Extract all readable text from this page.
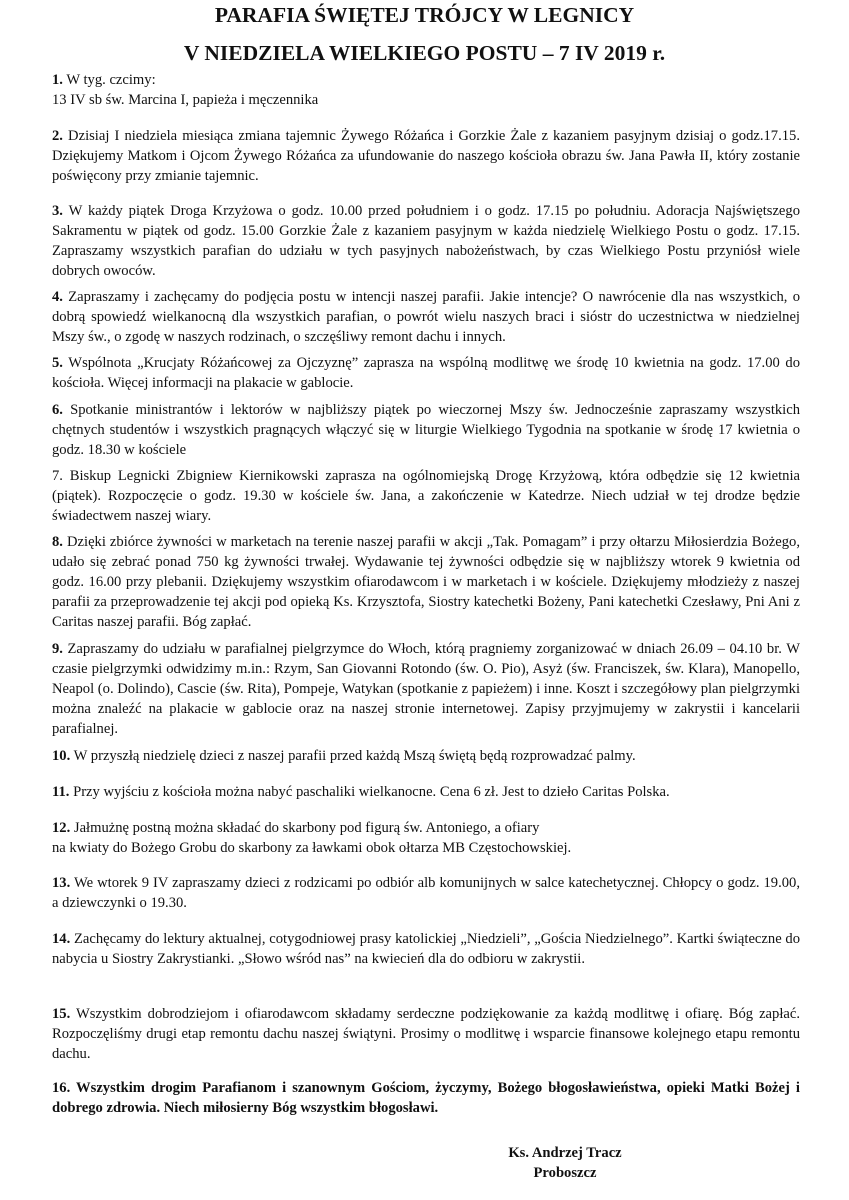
PARAFIA ŚWIĘTEJ TRÓJCY W LEGNICY
V NIEDZIELA WIELKIEGO POSTU – 7 IV 2019 r.
1. W tyg. czcimy:
13 IV sb św. Marcina I, papieża i męczennika
2. Dzisiaj I niedziela miesiąca zmiana tajemnic Żywego Różańca i Gorzkie Żale z kazaniem pasyjnym dzisiaj o godz.17.15. Dziękujemy Matkom i Ojcom Żywego Różańca za ufundowanie do naszego kościoła obrazu św. Jana Pawła II, który zostanie poświęcony przy zmianie tajemnic.
3. W każdy piątek Droga Krzyżowa o godz. 10.00 przed południem i o godz. 17.15 po południu. Adoracja Najświętszego Sakramentu w piątek od godz. 15.00 Gorzkie Żale z kazaniem pasyjnym w każda niedzielę Wielkiego Postu o godz. 17.15. Zapraszamy wszystkich parafian do udziału w tych pasyjnych nabożeństwach, by czas Wielkiego Postu przyniósł wiele dobrych owoców.
4. Zapraszamy i zachęcamy do podjęcia postu w intencji naszej parafii. Jakie intencje? O nawrócenie dla nas wszystkich, o dobrą spowiedź wielkanocną dla wszystkich parafian, o powrót wielu naszych braci i sióstr do uczestnictwa w niedzielnej Mszy św., o zgodę w naszych rodzinach, o szczęśliwy remont dachu i innych.
5. Wspólnota „Krucjaty Różańcowej za Ojczyznę” zaprasza na wspólną modlitwę we środę 10 kwietnia na godz. 17.00 do kościoła. Więcej informacji na plakacie w gablocie.
6. Spotkanie ministrantów i lektorów w najbliższy piątek po wieczornej Mszy św. Jednocześnie zapraszamy wszystkich chętnych studentów i wszystkich pragnących włączyć się w liturgie Wielkiego Tygodnia na spotkanie w środę 17 kwietnia o godz. 18.30 w kościele
7. Biskup Legnicki Zbigniew Kiernikowski zaprasza na ogólnomiejską Drogę Krzyżową, która odbędzie się 12 kwietnia (piątek). Rozpoczęcie o godz. 19.30 w kościele św. Jana, a zakończenie w Katedrze. Niech udział w tej drodze będzie świadectwem naszej wiary.
8. Dzięki zbiórce żywności w marketach na terenie naszej parafii w akcji „Tak. Pomagam” i przy ołtarzu Miłosierdzia Bożego, udało się zebrać ponad 750 kg żywności trwałej. Wydawanie tej żywności odbędzie się w najbliższy wtorek 9 kwietnia od godz. 16.00 przy plebanii. Dziękujemy wszystkim ofiarodawcom i w marketach i w kościele. Dziękujemy młodzieży z naszej parafii za przeprowadzenie tej akcji pod opieką Ks. Krzysztofa, Siostry katechetki Bożeny, Pani katechetki Czesławy, Pni Ani z Caritas naszej parafii. Bóg zapłać.
9. Zapraszamy do udziału w parafialnej pielgrzymce do Włoch, którą pragniemy zorganizować w dniach 26.09 – 04.10 br. W czasie pielgrzymki odwidzimy m.in.: Rzym, San Giovanni Rotondo (św. O. Pio), Asyż (św. Franciszek, św. Klara), Manopello, Neapol (o. Dolindo), Cascie (św. Rita), Pompeje, Watykan (spotkanie z papieżem) i inne. Koszt i szczegółowy plan pielgrzymki można znaleźć na plakacie w gablocie oraz na naszej stronie internetowej. Zapisy przyjmujemy w zakrystii i kancelarii parafialnej.
10. W przyszłą niedzielę dzieci z naszej parafii przed każdą Mszą świętą będą rozprowadzać palmy.
11. Przy wyjściu z kościoła można nabyć paschaliki wielkanocne. Cena 6 zł. Jest to dzieło Caritas Polska.
12. Jałmużnę postną można składać do skarbony pod figurą św. Antoniego, a ofiary
na kwiaty do Bożego Grobu do skarbony za ławkami obok ołtarza MB Częstochowskiej.
13. We wtorek 9 IV zapraszamy dzieci z rodzicami po odbiór alb komunijnych w salce katechetycznej. Chłopcy o godz. 19.00, a dziewczynki o 19.30.
14. Zachęcamy do lektury aktualnej, cotygodniowej prasy katolickiej „Niedzieli”, „Gościa Niedzielnego”. Kartki świąteczne do nabycia u Siostry Zakrystianki. „Słowo wśród nas” na kwiecień dla do odbioru w zakrystii.
15. Wszystkim dobrodziejom i ofiarodawcom składamy serdeczne podziękowanie za każdą modlitwę i ofiarę. Bóg zapłać. Rozpoczęliśmy drugi etap remontu dachu naszej świątyni. Prosimy o modlitwę i wsparcie finansowe kolejnego etapu remontu dachu.
16. Wszystkim drogim Parafianom i szanownym Gościom, życzymy, Bożego błogosławieństwa, opieki Matki Bożej i dobrego zdrowia. Niech miłosierny Bóg wszystkim błogosławi.
Ks. Andrzej Tracz
Proboszcz
